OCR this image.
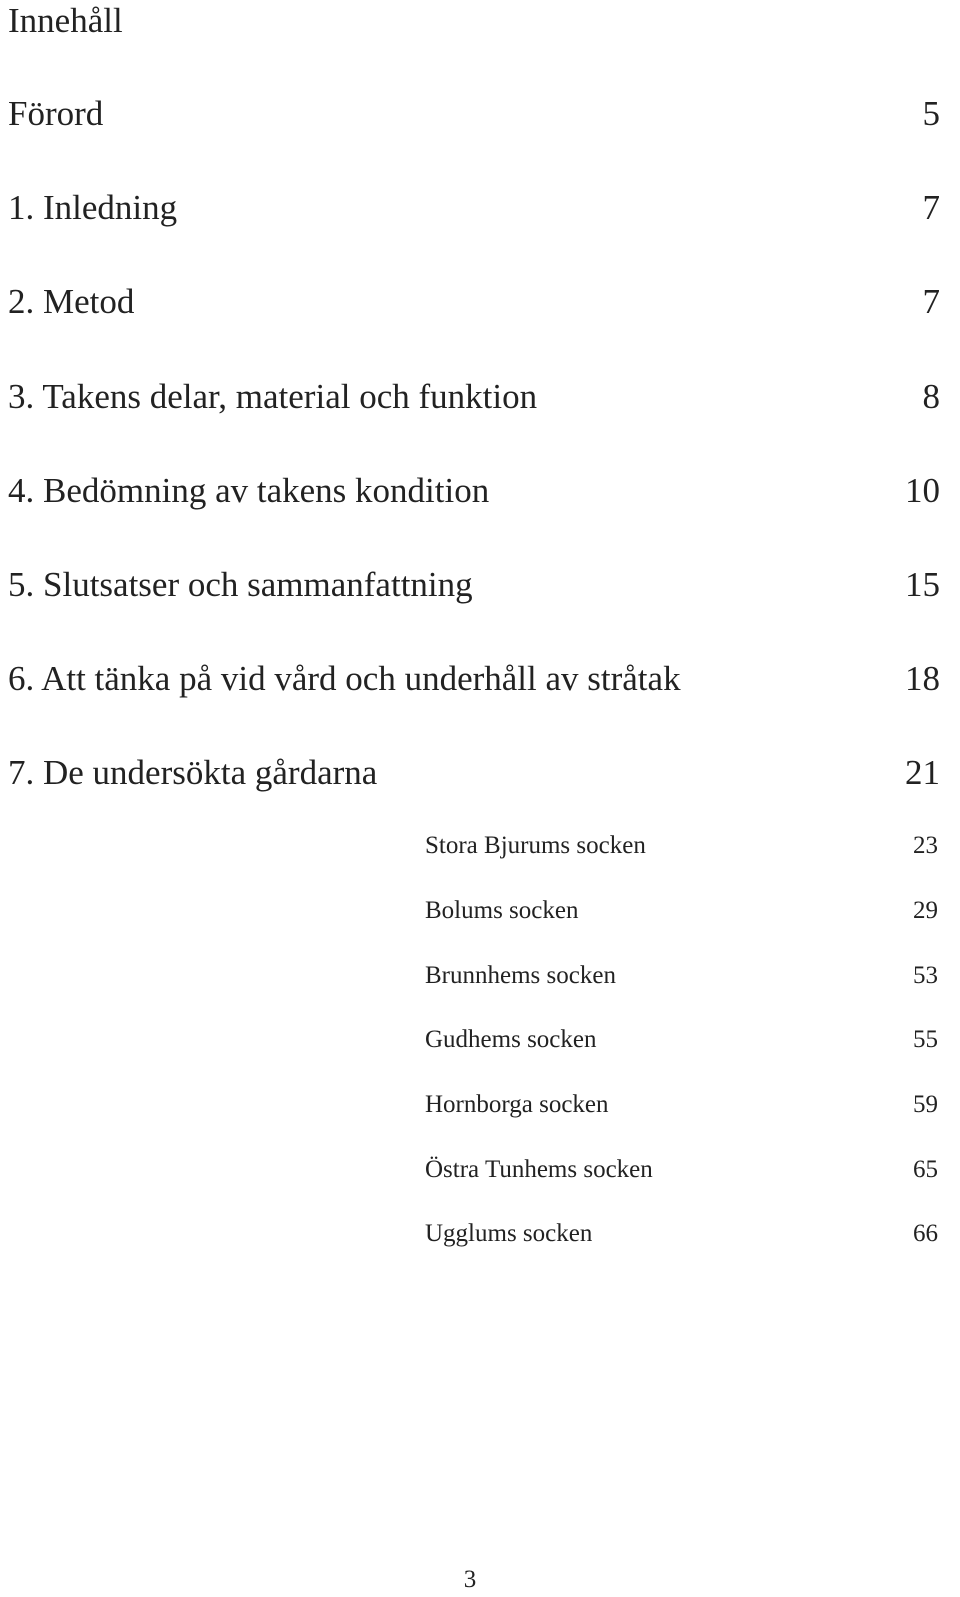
Innehåll
Förord	5
1. Inledning	7
2. Metod	7
3. Takens delar, material och funktion	8
4. Bedömning av takens kondition	10
5. Slutsatser och sammanfattning	15
6. Att tänka på vid vård och underhåll av stråtak	18
7. De undersökta gårdarna	21
Stora Bjurums socken	23
Bolums socken	29
Brunnhems socken	53
Gudhems socken	55
Hornborga socken	59
Östra Tunhems socken	65
Ugglums socken	66
3
